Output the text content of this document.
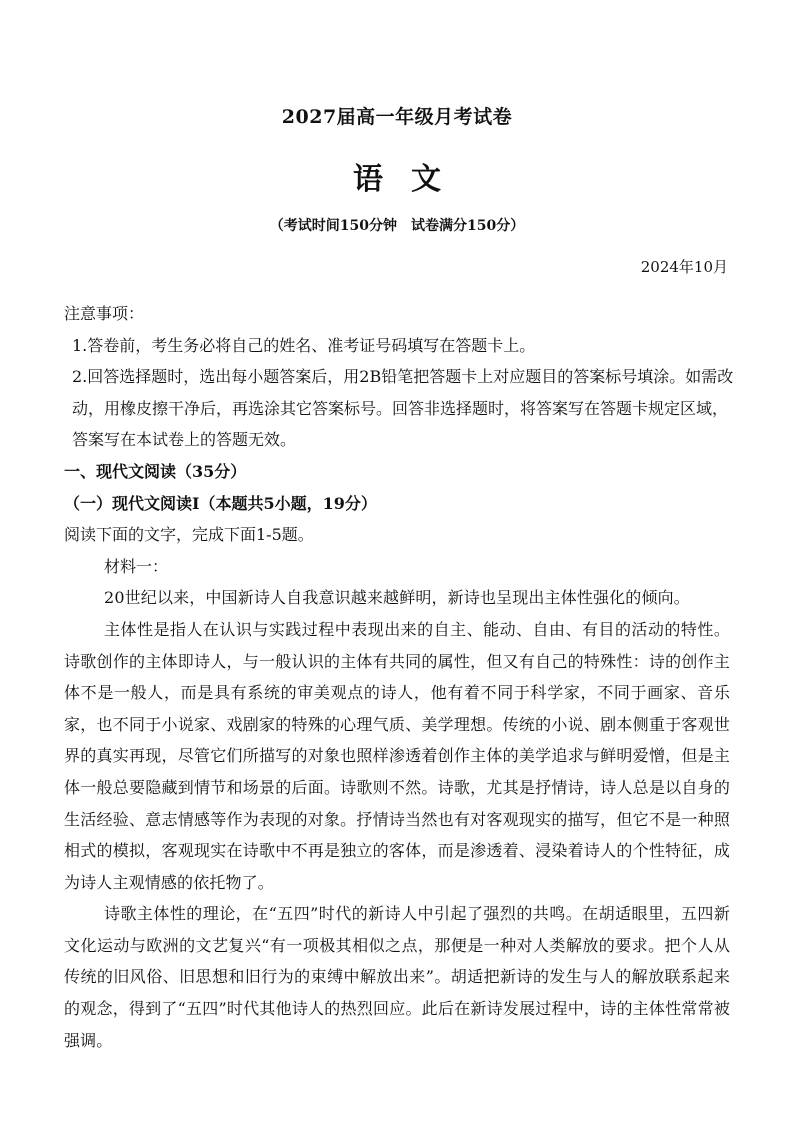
2027届高一年级月考试卷
语文
（考试时间150分钟　试卷满分150分）
2024年10月
注意事项：
1.答卷前，考生务必将自己的姓名、准考证号码填写在答题卡上。
2.回答选择题时，选出每小题答案后，用2B铅笔把答题卡上对应题目的答案标号填涂。如需改
动，用橡皮擦干净后，再选涂其它答案标号。回答非选择题时，将答案写在答题卡规定区域，
答案写在本试卷上的答题无效。
一、现代文阅读（35分）
（一）现代文阅读Ⅰ（本题共5小题，19分）
阅读下面的文字，完成下面1-5题。
材料一：
20世纪以来，中国新诗人自我意识越来越鲜明，新诗也呈现出主体性强化的倾向。
主体性是指人在认识与实践过程中表现出来的自主、能动、自由、有目的活动的特性。诗歌创作的主体即诗人，与一般认识的主体有共同的属性，但又有自己的特殊性：诗的创作主体不是一般人，而是具有系统的审美观点的诗人，他有着不同于科学家，不同于画家、音乐家，也不同于小说家、戏剧家的特殊的心理气质、美学理想。传统的小说、剧本侧重于客观世界的真实再现，尽管它们所描写的对象也照样渗透着创作主体的美学追求与鲜明爱憎，但是主体一般总要隐藏到情节和场景的后面。诗歌则不然。诗歌，尤其是抒情诗，诗人总是以自身的生活经验、意志情感等作为表现的对象。抒情诗当然也有对客观现实的描写，但它不是一种照相式的模拟，客观现实在诗歌中不再是独立的客体，而是渗透着、浸染着诗人的个性特征，成为诗人主观情感的依托物了。
诗歌主体性的理论，在“五四”时代的新诗人中引起了强烈的共鸣。在胡适眼里，五四新文化运动与欧洲的文艺复兴“有一项极其相似之点，那便是一种对人类解放的要求。把个人从传统的旧风俗、旧思想和旧行为的束缚中解放出来”。胡适把新诗的发生与人的解放联系起来的观念，得到了“五四”时代其他诗人的热烈回应。此后在新诗发展过程中，诗的主体性常常被强调。
